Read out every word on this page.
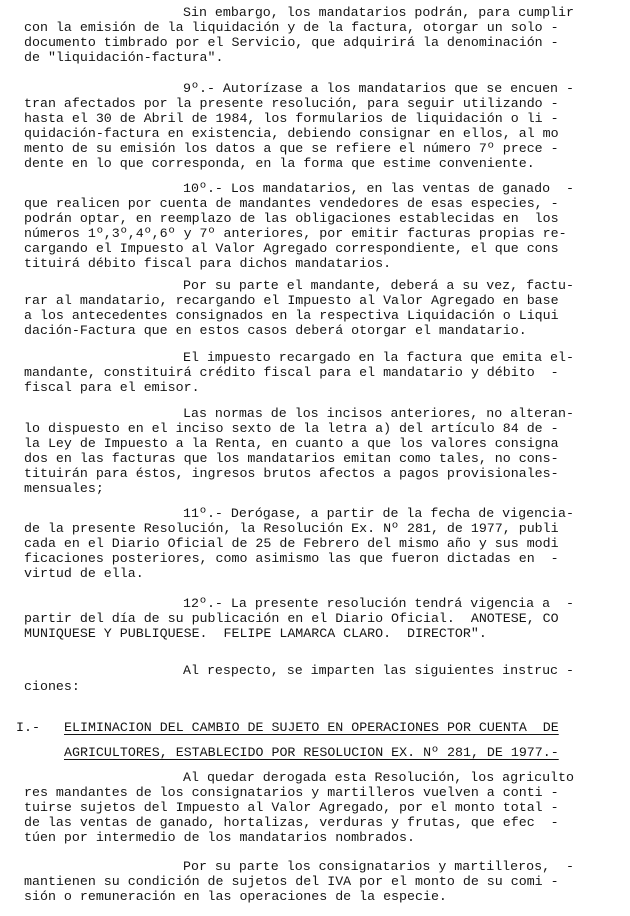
Sin embargo, los mandatarios podrán, para cumplir
con la emisión de la liquidación y de la factura, otorgar un solo -
documento timbrado por el Servicio, que adquirirá la denominación -
de "liquidación-factura".
9º.- Autorízase a los mandatarios que se encuen -
tran afectados por la presente resolución, para seguir utilizando -
hasta el 30 de Abril de 1984, los formularios de liquidación o li -
quidación-factura en existencia, debiendo consignar en ellos, al mo
mento de su emisión los datos a que se refiere el número 7º prece -
dente en lo que corresponda, en la forma que estime conveniente.
10º.- Los mandatarios, en las ventas de ganado  -
que realicen por cuenta de mandantes vendedores de esas especies, -
podrán optar, en reemplazo de las obligaciones establecidas en  los
números 1º,3º,4º,6º y 7º anteriores, por emitir facturas propias re-
cargando el Impuesto al Valor Agregado correspondiente, el que cons
tituirá débito fiscal para dichos mandatarios.
Por su parte el mandante, deberá a su vez, factu-
rar al mandatario, recargando el Impuesto al Valor Agregado en base
a los antecedentes consignados en la respectiva Liquidación o Liqui
dación-Factura que en estos casos deberá otorgar el mandatario.
El impuesto recargado en la factura que emita el-
mandante, constituirá crédito fiscal para el mandatario y débito  -
fiscal para el emisor.
Las normas de los incisos anteriores, no alteran-
lo dispuesto en el inciso sexto de la letra a) del artículo 84 de -
la Ley de Impuesto a la Renta, en cuanto a que los valores consigna
dos en las facturas que los mandatarios emitan como tales, no cons-
tituirán para éstos, ingresos brutos afectos a pagos provisionales-
mensuales;
11º.- Derógase, a partir de la fecha de vigencia-
de la presente Resolución, la Resolución Ex. Nº 281, de 1977, publi
cada en el Diario Oficial de 25 de Febrero del mismo año y sus modi
ficaciones posteriores, como asimismo las que fueron dictadas en  -
virtud de ella.
12º.- La presente resolución tendrá vigencia a  -
partir del día de su publicación en el Diario Oficial.  ANOTESE, CO
MUNIQUESE Y PUBLIQUESE.  FELIPE LAMARCA CLARO.  DIRECTOR".
Al respecto, se imparten las siguientes instruc -
ciones:
I.- ELIMINACION DEL CAMBIO DE SUJETO EN OPERACIONES POR CUENTA  DE
AGRICULTORES, ESTABLECIDO POR RESOLUCION EX. Nº 281, DE 1977.-
Al quedar derogada esta Resolución, los agriculto
res mandantes de los consignatarios y martilleros vuelven a conti -
tuirse sujetos del Impuesto al Valor Agregado, por el monto total -
de las ventas de ganado, hortalizas, verduras y frutas, que efec  -
túen por intermedio de los mandatarios nombrados.
Por su parte los consignatarios y martilleros,  -
mantienen su condición de sujetos del IVA por el monto de su comi -
sión o remuneración en las operaciones de la especie.
